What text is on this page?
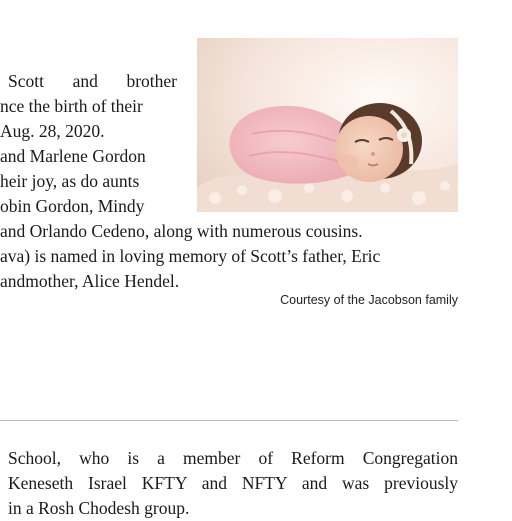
Scott and brother
nce the birth of their
Aug. 28, 2020.
and Marlene Gordon
heir joy, as do aunts
obin Gordon, Mindy
and Orlando Cedeno, along with numerous cousins.
ava) is named in loving memory of Scott’s father, Eric
andmother, Alice Hendel.
Courtesy of the Jacobson family
School, who is a member of Reform Congregation
Keneseth Israel KFTY and NFTY and was previously
in a Rosh Chodesh group.
